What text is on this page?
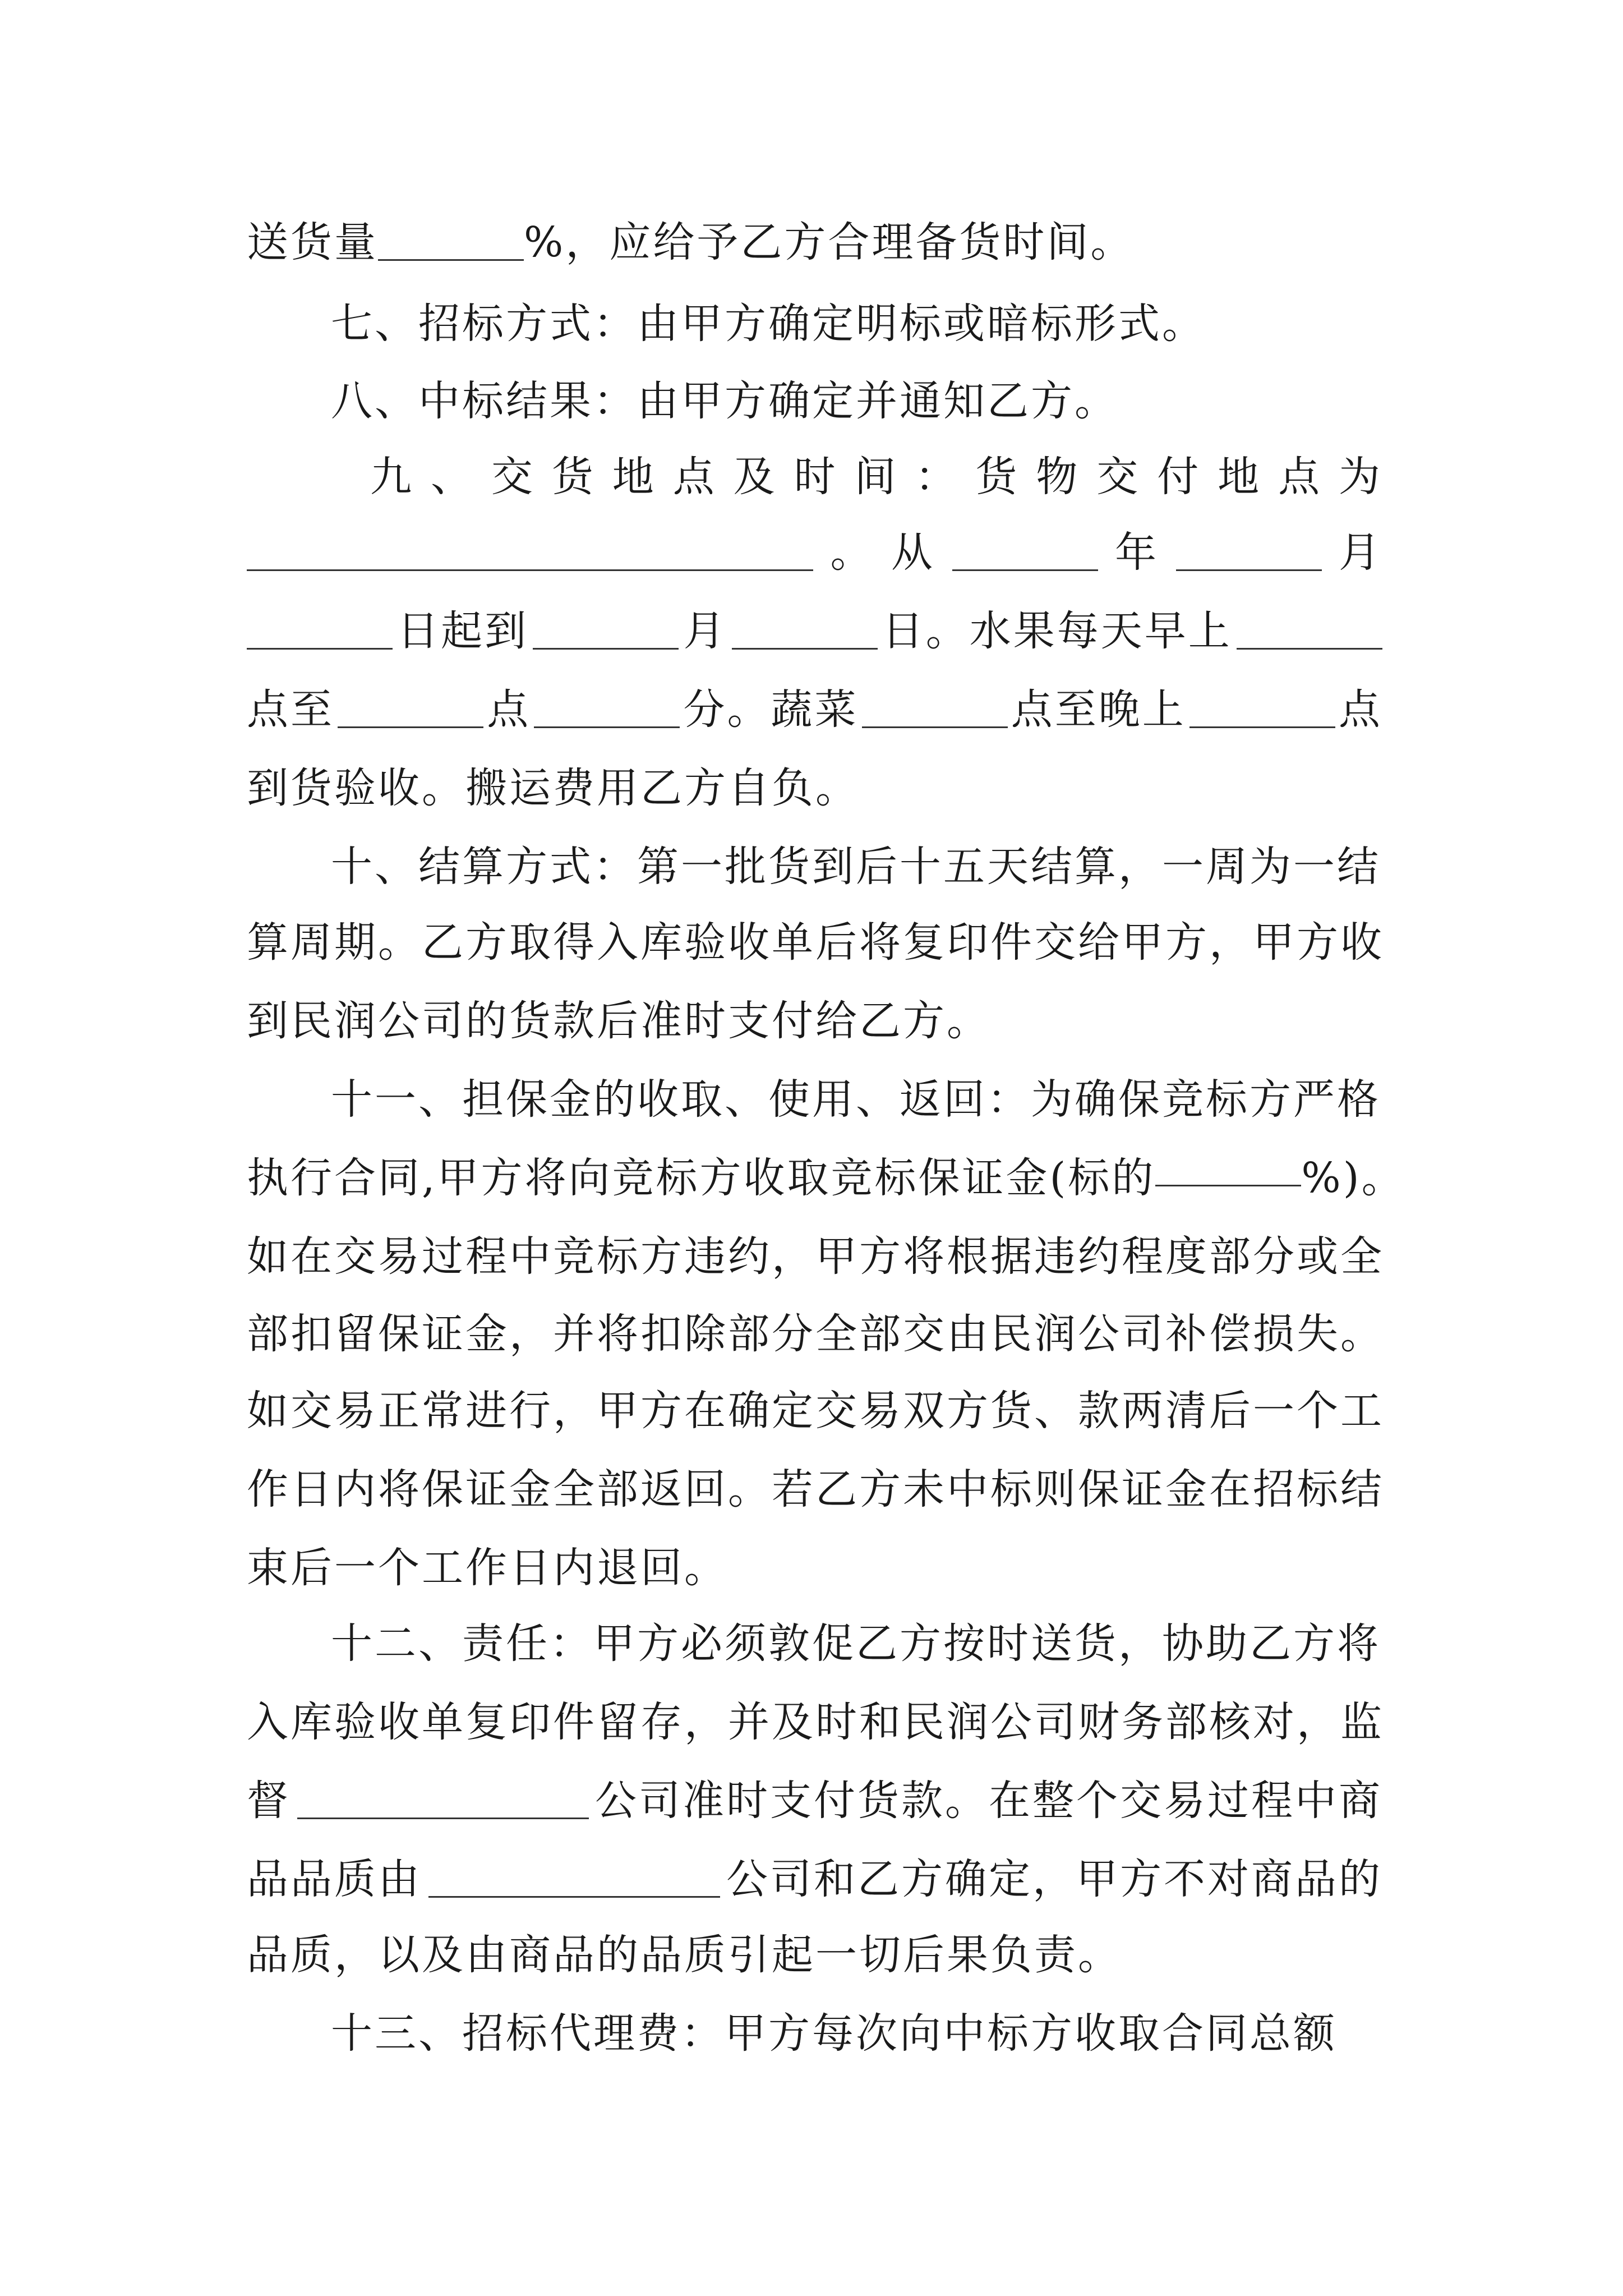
送货量	%，应给予乙方合理备货时间。
七、招标方式：由甲方确定明标或暗标形式。
八、中标结果：由甲方确定并通知乙方。
九 、 交 货 地 点 及 时 间 ： 货 物 交 付 地 点 为
。 从	年	月
日起到	月	日。水果每天早上
点至	点	分。蔬菜	点至晚上	点
到货验收。搬运费用乙方自负。
十、结算方式：第一批货到后十五天结算，一周为一结
算周期。乙方取得入库验收单后将复印件交给甲方，甲方收
到民润公司的货款后准时支付给乙方。
十一、担保金的收取、使用、返回：为确保竞标方严格
执行合同,甲方将向竞标方收取竞标保证金(标的	%)。
如在交易过程中竞标方违约，甲方将根据违约程度部分或全
部扣留保证金，并将扣除部分全部交由民润公司补偿损失。
如交易正常进行，甲方在确定交易双方货、款两清后一个工
作日内将保证金全部返回。若乙方未中标则保证金在招标结
束后一个工作日内退回。
十二、责任：甲方必须敦促乙方按时送货，协助乙方将
入库验收单复印件留存，并及时和民润公司财务部核对，监
督	公司准时支付货款。在整个交易过程中商
品品质由	公司和乙方确定，甲方不对商品的
品质，以及由商品的品质引起一切后果负责。
十三、招标代理费：甲方每次向中标方收取合同总额
